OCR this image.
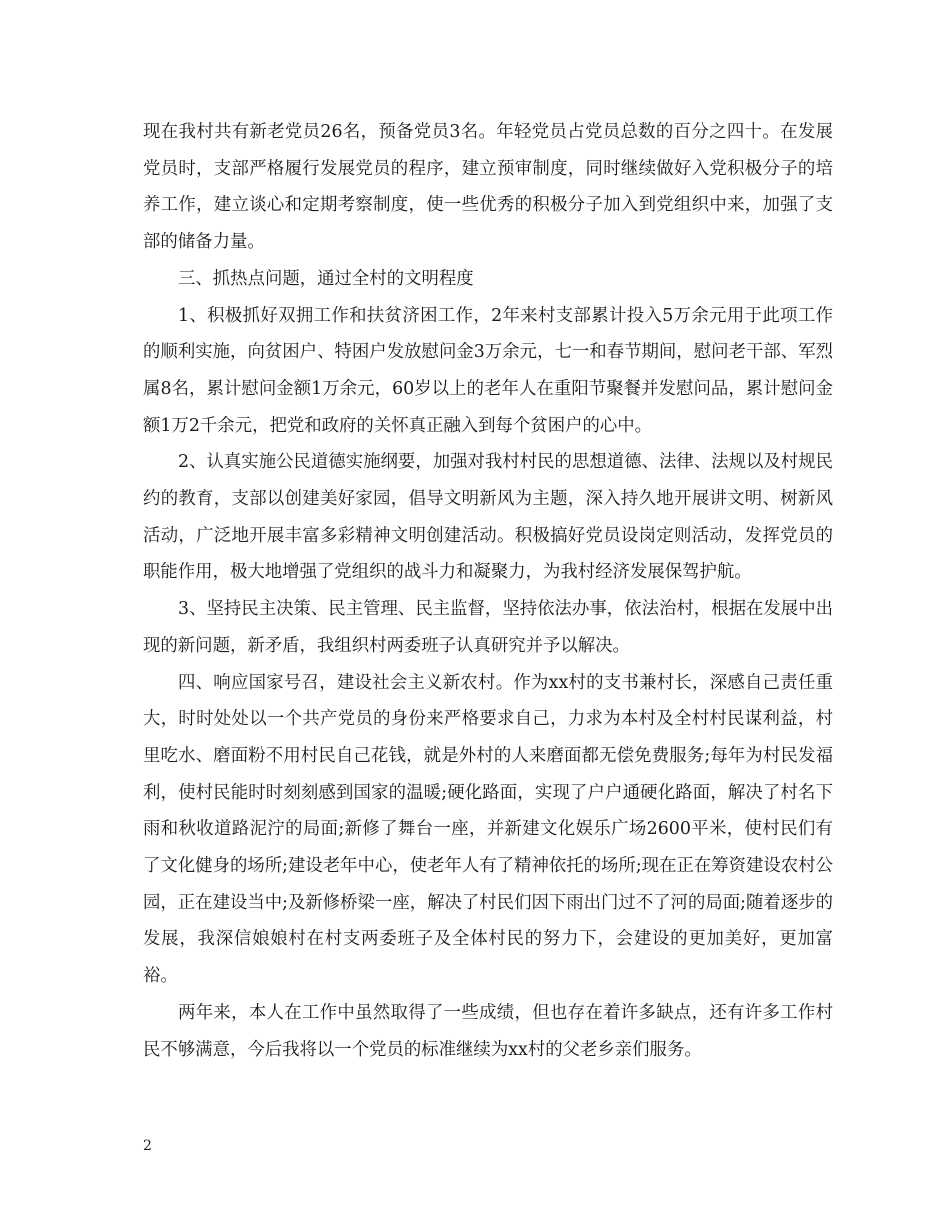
现在我村共有新老党员26名，预备党员3名。年轻党员占党员总数的百分之四十。在发展党员时，支部严格履行发展党员的程序，建立预审制度，同时继续做好入党积极分子的培养工作，建立谈心和定期考察制度，使一些优秀的积极分子加入到党组织中来，加强了支部的储备力量。

三、抓热点问题，通过全村的文明程度

1、积极抓好双拥工作和扶贫济困工作，2年来村支部累计投入5万余元用于此项工作的顺利实施，向贫困户、特困户发放慰问金3万余元，七一和春节期间，慰问老干部、军烈属8名，累计慰问金额1万余元，60岁以上的老年人在重阳节聚餐并发慰问品，累计慰问金额1万2千余元，把党和政府的关怀真正融入到每个贫困户的心中。

2、认真实施公民道德实施纲要，加强对我村村民的思想道德、法律、法规以及村规民约的教育，支部以创建美好家园，倡导文明新风为主题，深入持久地开展讲文明、树新风活动，广泛地开展丰富多彩精神文明创建活动。积极搞好党员设岗定则活动，发挥党员的职能作用，极大地增强了党组织的战斗力和凝聚力，为我村经济发展保驾护航。

3、坚持民主决策、民主管理、民主监督，坚持依法办事，依法治村，根据在发展中出现的新问题，新矛盾，我组织村两委班子认真研究并予以解决。

四、响应国家号召，建设社会主义新农村。作为xx村的支书兼村长，深感自己责任重大，时时处处以一个共产党员的身份来严格要求自己，力求为本村及全村村民谋利益，村里吃水、磨面粉不用村民自己花钱，就是外村的人来磨面都无偿免费服务;每年为村民发福利，使村民能时时刻刻感到国家的温暖;硬化路面，实现了户户通硬化路面，解决了村名下雨和秋收道路泥泞的局面;新修了舞台一座，并新建文化娱乐广场2600平米，使村民们有了文化健身的场所;建设老年中心，使老年人有了精神依托的场所;现在正在筹资建设农村公园，正在建设当中;及新修桥梁一座，解决了村民们因下雨出门过不了河的局面;随着逐步的发展，我深信娘娘村在村支两委班子及全体村民的努力下，会建设的更加美好，更加富裕。

两年来，本人在工作中虽然取得了一些成绩，但也存在着许多缺点，还有许多工作村民不够满意，今后我将以一个党员的标准继续为xx村的父老乡亲们服务。

2
